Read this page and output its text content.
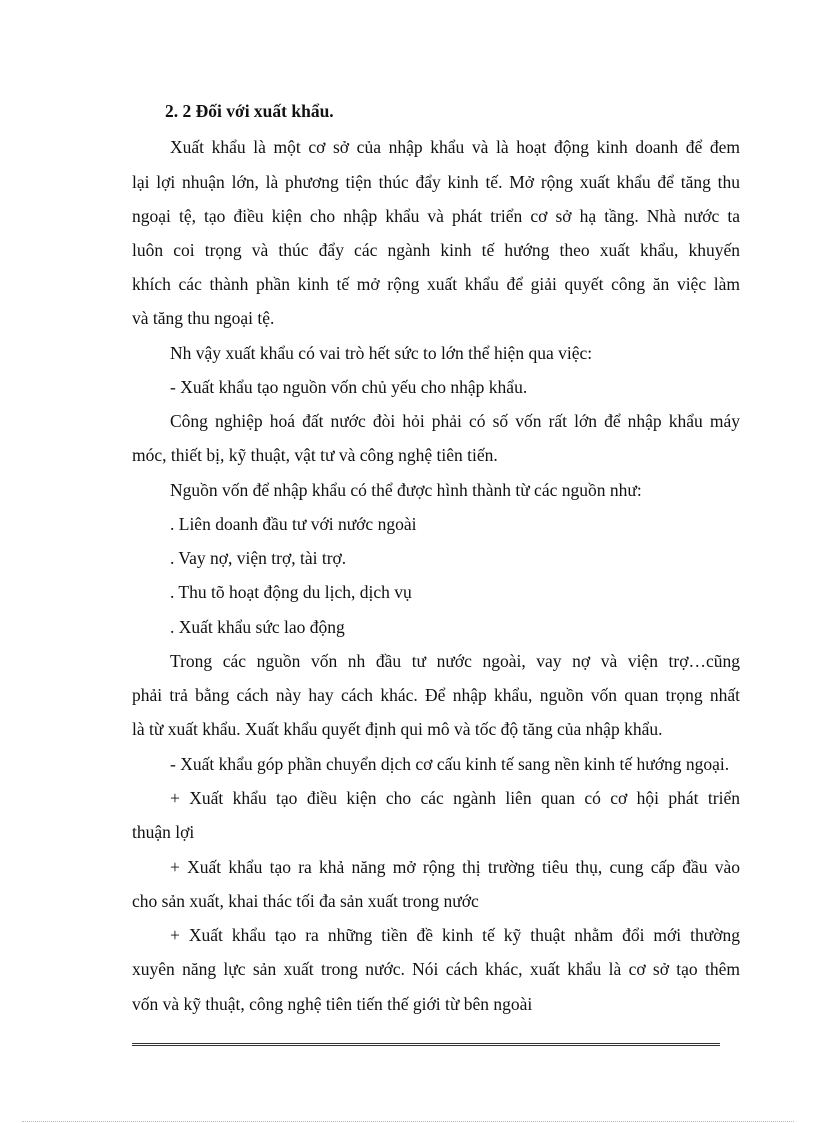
2. 2 Đối với xuất khẩu.
Xuất khẩu là một cơ sở của nhập khẩu và là hoạt động kinh doanh để đem
lại lợi nhuận lớn, là phương tiện thúc đẩy kinh tế. Mở rộng xuất khẩu để tăng thu
ngoại tệ, tạo điều kiện cho nhập khẩu và phát triển cơ sở hạ tầng. Nhà nước ta
luôn coi trọng và thúc đẩy các ngành kinh tế hướng theo xuất khẩu, khuyến
khích các thành phần kinh tế mở rộng xuất khẩu để giải quyết công ăn việc làm
và tăng thu ngoại tệ.
Nh vậy xuất khẩu có vai trò hết sức to lớn thể hiện qua việc:
- Xuất khẩu tạo nguồn vốn chủ yếu cho nhập khẩu.
Công nghiệp hoá đất nước đòi hỏi phải có số vốn rất lớn để nhập khẩu máy
móc, thiết bị, kỹ thuật, vật tư và công nghệ tiên tiến.
Nguồn vốn để nhập khẩu có thể được hình thành từ các nguồn như:
. Liên doanh đầu tư với nước ngoài
. Vay nợ, viện trợ, tài trợ.
. Thu tõ hoạt động du lịch, dịch vụ
. Xuất khẩu sức lao động
Trong các nguồn vốn nh đầu tư nước ngoài, vay nợ và viện trợ…cũng
phải trả bằng cách này hay cách khác. Để nhập khẩu, nguồn vốn quan trọng nhất
là từ xuất khẩu. Xuất khẩu quyết định qui mô và tốc độ tăng của nhập khẩu.
- Xuất khẩu góp phần chuyển dịch cơ cấu kinh tế sang nền kinh tế hướng ngoại.
+ Xuất khẩu tạo điều kiện cho các ngành liên quan có cơ hội phát triển
thuận lợi
+ Xuất khẩu tạo ra khả năng mở rộng thị trường tiêu thụ, cung cấp đầu vào
cho sản xuất, khai thác tối đa sản xuất trong nước
+ Xuất khẩu tạo ra những tiền đề kinh tế kỹ thuật nhằm đổi mới thường
xuyên năng lực sản xuất trong nước. Nói cách khác, xuất khẩu là cơ sở tạo thêm
vốn và kỹ thuật, công nghệ tiên tiến thế giới từ bên ngoài
